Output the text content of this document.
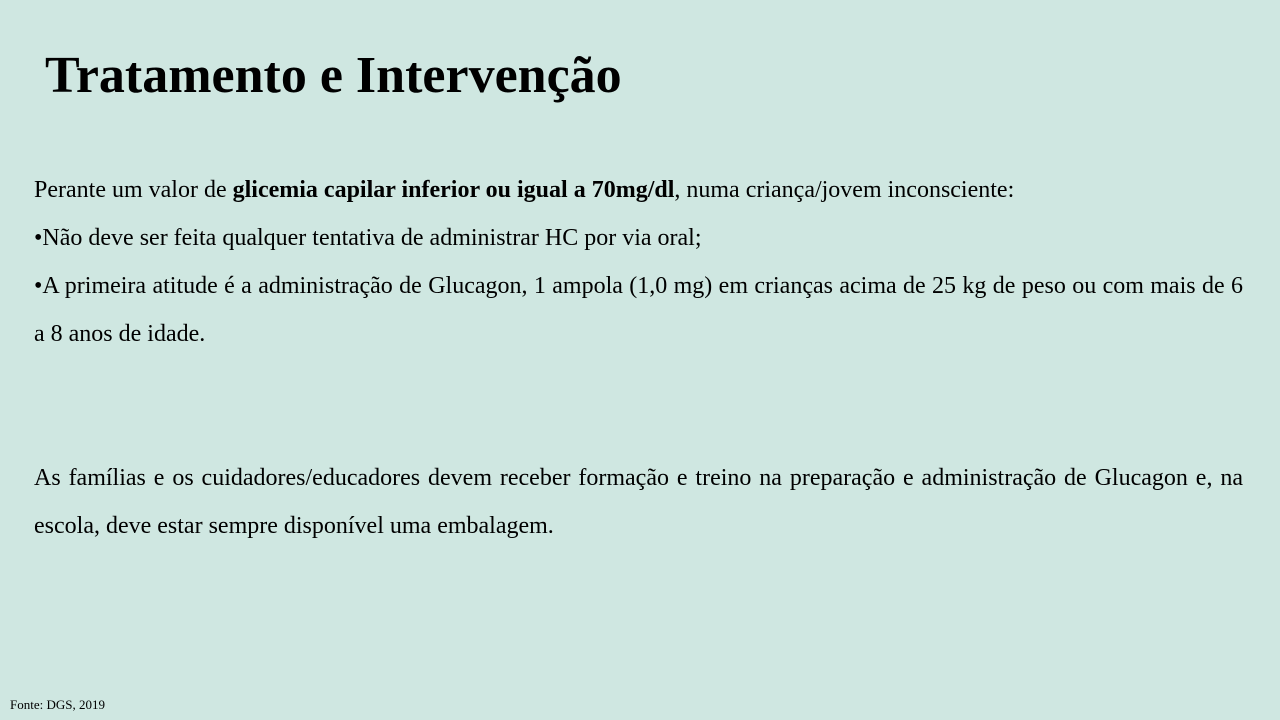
Tratamento e Intervenção

Perante um valor de glicemia capilar inferior ou igual a 70mg/dl, numa criança/jovem inconsciente:

•Não deve ser feita qualquer tentativa de administrar HC por via oral;

•A primeira atitude é a administração de Glucagon, 1 ampola (1,0 mg) em crianças acima de 25 kg de peso ou com mais de 6 a 8 anos de idade.

As famílias e os cuidadores/educadores devem receber formação e treino na preparação e administração de Glucagon e, na escola, deve estar sempre disponível uma embalagem.

Fonte: DGS, 2019
